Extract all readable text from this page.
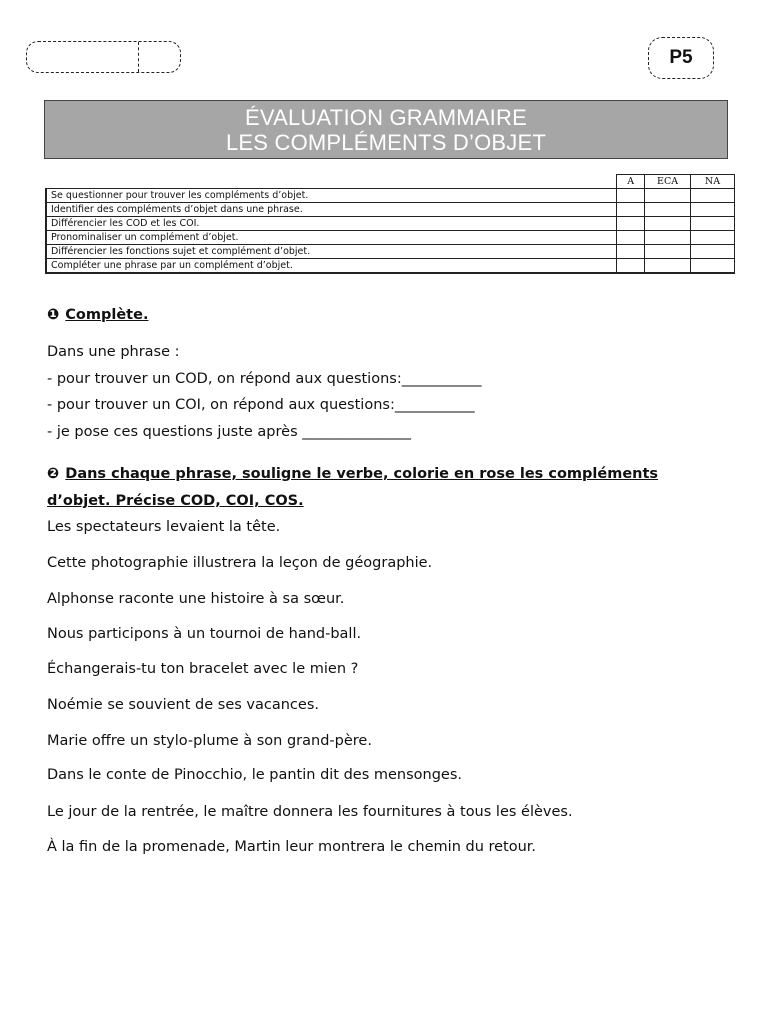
P5
ÉVALUATION GRAMMAIRE
LES COMPLÉMENTS D’OBJET
	A	ECA	NA
Se questionner pour trouver les compléments d’objet.			
Identifier des compléments d’objet dans une phrase.			
Différencier les COD et les COI.			
Pronominaliser un complément d’objet.			
Différencier les fonctions sujet et complément d’objet.			
Compléter une phrase par un complément d’objet.			
❶ Complète.
Dans une phrase :
- pour trouver un COD, on répond aux questions:___________
- pour trouver un COI, on répond aux questions:___________
- je pose ces questions juste après _______________
❷ Dans chaque phrase, souligne le verbe, colorie en rose les compléments
d’objet. Précise COD, COI, COS.
Les spectateurs levaient la tête.
Cette photographie illustrera la leçon de géographie.
Alphonse raconte une histoire à sa sœur.
Nous participons à un tournoi de hand-ball.
Échangerais-tu ton bracelet avec le mien ?
Noémie se souvient de ses vacances.
Marie offre un stylo-plume à son grand-père.
Dans le conte de Pinocchio, le pantin dit des mensonges.
Le jour de la rentrée, le maître donnera les fournitures à tous les élèves.
À la fin de la promenade, Martin leur montrera le chemin du retour.
